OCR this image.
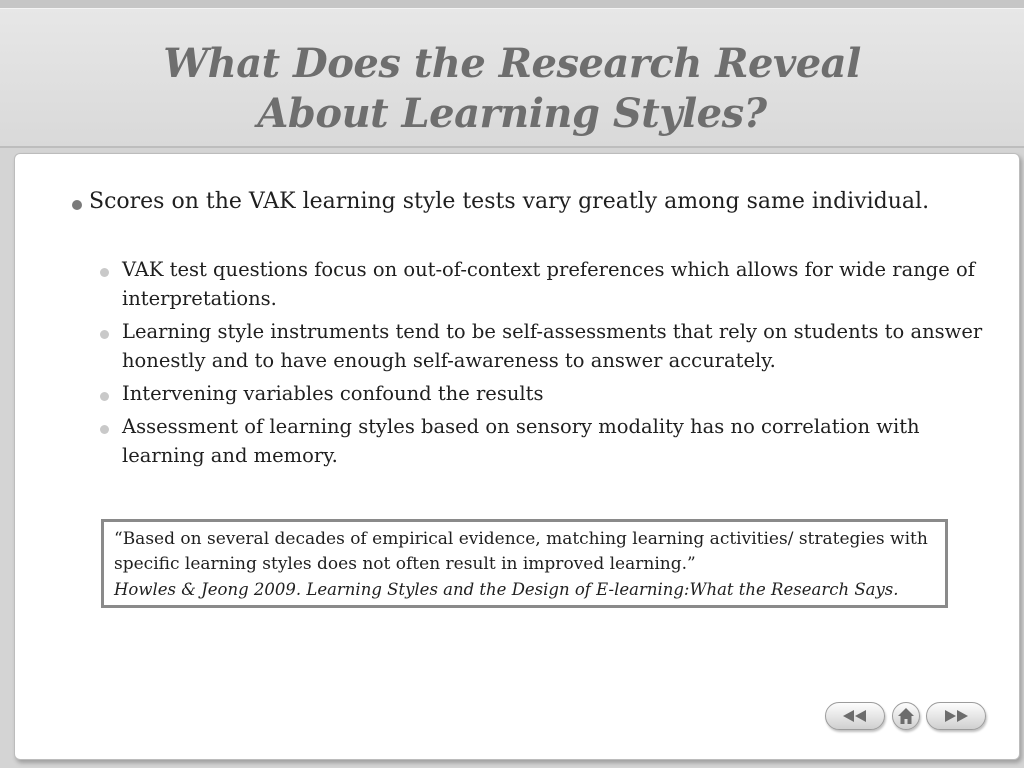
What Does the Research Reveal
About Learning Styles?
Scores on the VAK learning style tests vary greatly among same individual.
VAK test questions focus on out-of-context preferences which allows for wide range of interpretations.
Learning style instruments tend to be self-assessments that rely on students to answer honestly and to have enough self-awareness to answer accurately.
Intervening variables confound the results
Assessment of learning styles based on sensory modality has no correlation with learning and memory.
“Based on several decades of empirical evidence, matching learning activities/ strategies with specific learning styles does not often result in improved learning.”
Howles & Jeong 2009. Learning Styles and the Design of E-learning:What the Research Says.
